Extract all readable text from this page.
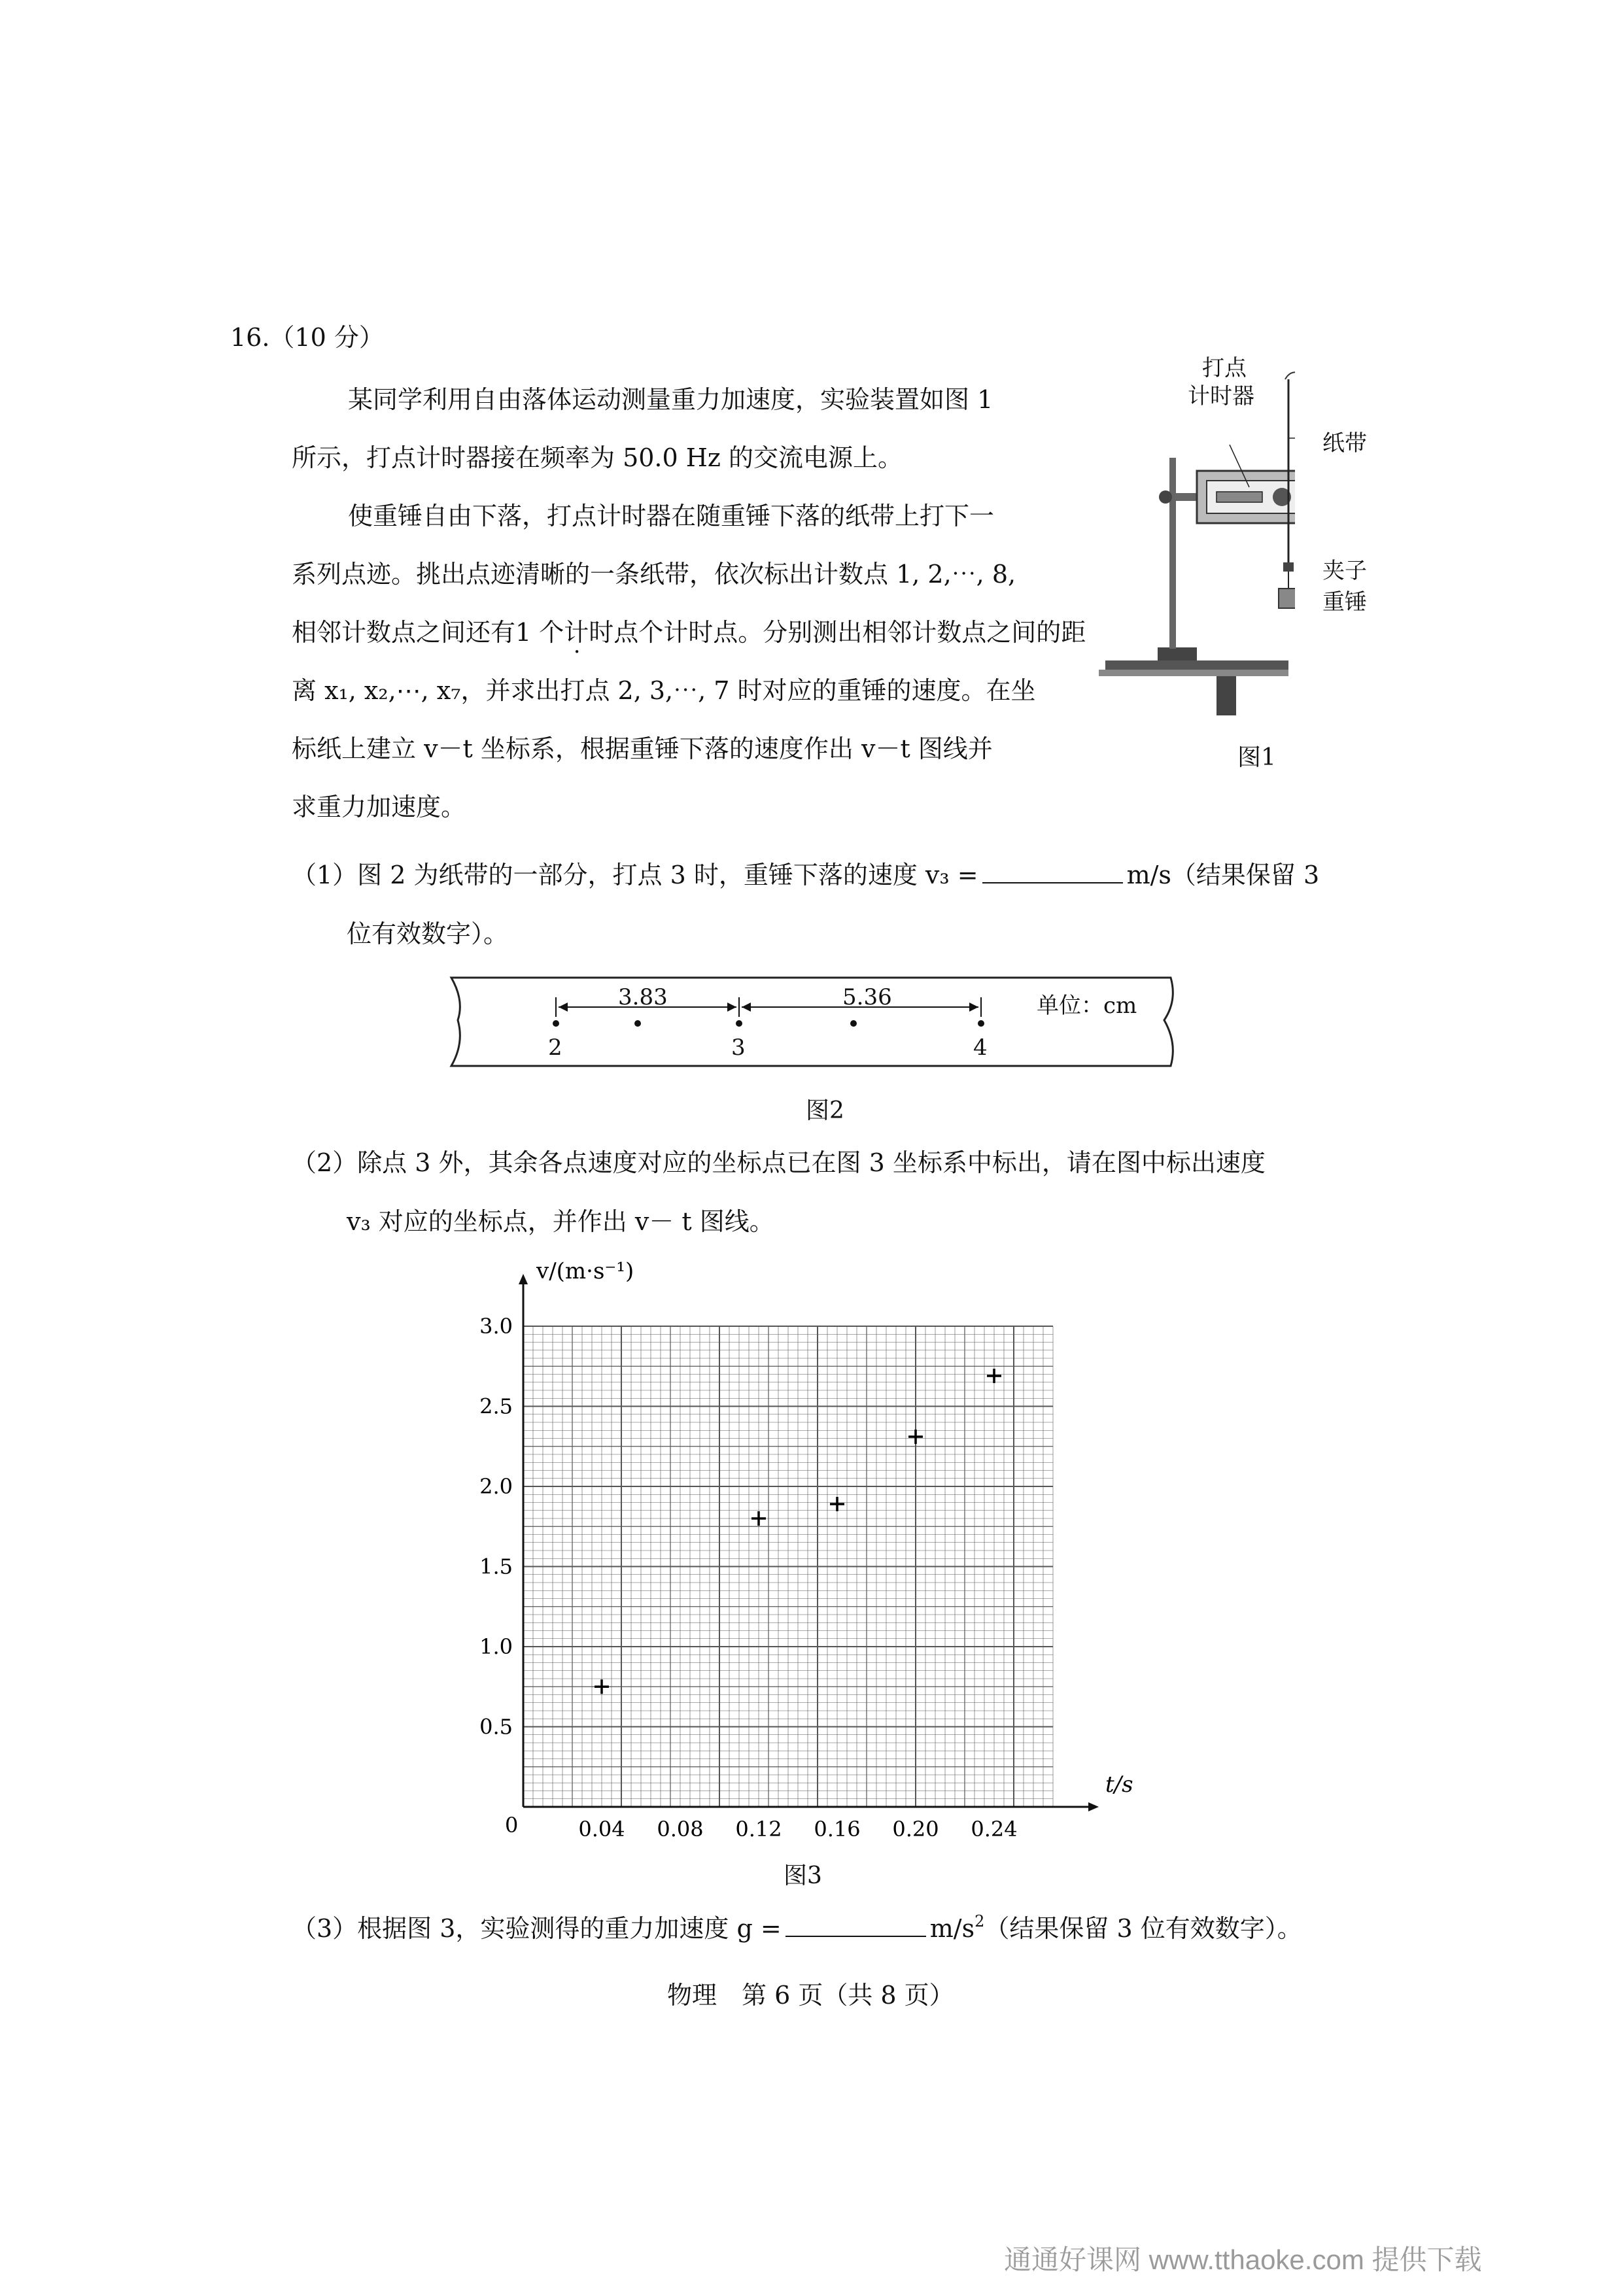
16.（10 分）
某同学利用自由落体运动测量重力加速度，实验装置如图 1
所示，打点计时器接在频率为 50.0 Hz 的交流电源上。
使重锤自由下落，打点计时器在随重锤下落的纸带上打下一
系列点迹。挑出点迹清晰的一条纸带，依次标出计数点 1, 2,⋯, 8,
相邻计数点之间还有1 个计时点 ·个计时点。分别测出相邻计数点之间的距
离 x₁, x₂,⋯, x₇，并求出打点 2, 3,⋯, 7 时对应的重锤的速度。在坐
标纸上建立 v－t 坐标系，根据重锤下落的速度作出 v－t 图线并
求重力加速度。
打点
计时器
纸带
夹子
重锤
图1
（1）图 2 为纸带的一部分，打点 3 时，重锤下落的速度 v₃ =	m/s（结果保留 3
位有效数字）。
3.83	5.36	单位：cm
2	3	4
图2
（2）除点 3 外，其余各点速度对应的坐标点已在图 3 坐标系中标出，请在图中标出速度
v₃ 对应的坐标点，并作出 v－ t 图线。
0.04 0.08 0.12 0.16 0.20 0.24
0.5
1.0
1.5
2.0
2.5
3.0
v/(m·s⁻¹)
t/s
0
图3
（3）根据图 3，实验测得的重力加速度 g =	$m/s^2$（结果保留 3 位有效数字）。
物理　第 6 页（共 8 页）
通通好课网 www.tthaoke.com 提供下载
